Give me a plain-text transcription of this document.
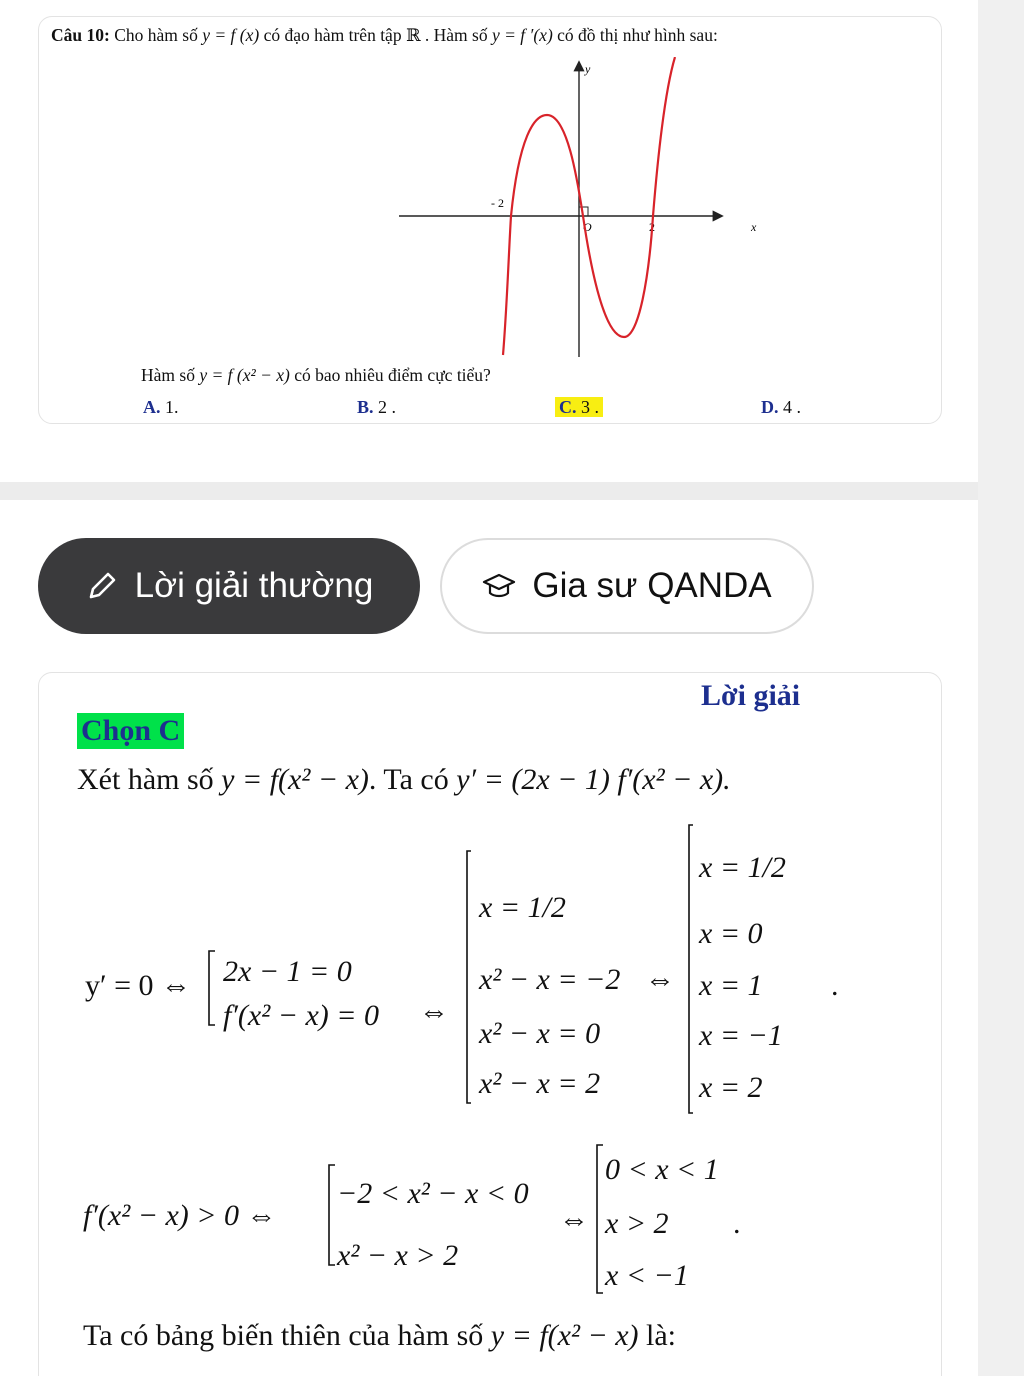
Câu 10: Cho hàm số y = f (x) có đạo hàm trên tập ℝ . Hàm số y = f ′(x) có đồ thị như hình sau:
y
x
- 2
O	2
Hàm số y = f (x² − x) có bao nhiêu điểm cực tiểu?
A. 1.	B. 2 .	C. 3 .	D. 4 .
Lời giải thường	Gia sư QANDA
Lời giải
Chọn C
Xét hàm số y = f(x² − x). Ta có y′ = (2x − 1) f′(x² − x).
y′ = 0 ⇔ 2x − 1 = 0
f′(x² − x) = 0 ⇔
x = 1/2
x² − x = −2
x² − x = 0
x² − x = 2
⇔
x = 1/2
x = 0
x = 1
x = −1
x = 2
.
f′(x² − x) > 0 ⇔
−2 < x² − x < 0
x² − x > 2
⇔
0 < x < 1
x > 2
x < −1
.
Ta có bảng biến thiên của hàm số y = f(x² − x) là:
